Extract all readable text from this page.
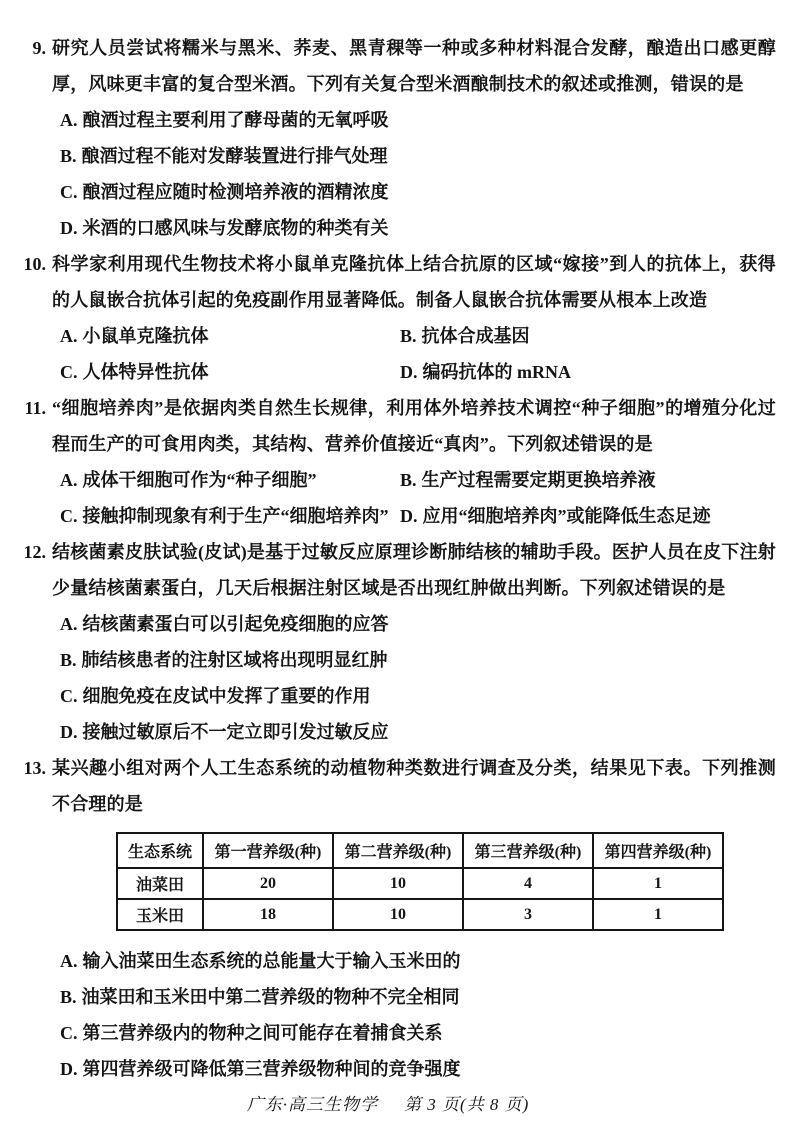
9. 研究人员尝试将糯米与黑米、荞麦、黑青稞等一种或多种材料混合发酵，酿造出口感更醇厚，风味更丰富的复合型米酒。下列有关复合型米酒酿制技术的叙述或推测，错误的是

A. 酿酒过程主要利用了酵母菌的无氧呼吸
B. 酿酒过程不能对发酵装置进行排气处理
C. 酿酒过程应随时检测培养液的酒精浓度
D. 米酒的口感风味与发酵底物的种类有关
10. 科学家利用现代生物技术将小鼠单克隆抗体上结合抗原的区域“嫁接”到人的抗体上，获得的人鼠嵌合抗体引起的免疫副作用显著降低。制备人鼠嵌合抗体需要从根本上改造

A. 小鼠单克隆抗体	B. 抗体合成基因
C. 人体特异性抗体	D. 编码抗体的 mRNA
11. “细胞培养肉”是依据肉类自然生长规律，利用体外培养技术调控“种子细胞”的增殖分化过程而生产的可食用肉类，其结构、营养价值接近“真肉”。下列叙述错误的是

A. 成体干细胞可作为“种子细胞”	B. 生产过程需要定期更换培养液
C. 接触抑制现象有利于生产“细胞培养肉” D. 应用“细胞培养肉”或能降低生态足迹
12. 结核菌素皮肤试验(皮试)是基于过敏反应原理诊断肺结核的辅助手段。医护人员在皮下注射少量结核菌素蛋白，几天后根据注射区域是否出现红肿做出判断。下列叙述错误的是

A. 结核菌素蛋白可以引起免疫细胞的应答
B. 肺结核患者的注射区域将出现明显红肿
C. 细胞免疫在皮试中发挥了重要的作用
D. 接触过敏原后不一定立即引发过敏反应
13. 某兴趣小组对两个人工生态系统的动植物种类数进行调查及分类，结果见下表。下列推测不合理的是

生态系统	第一营养级(种)	第二营养级(种)	第三营养级(种)	第四营养级(种)
油菜田	20	10	4	1
玉米田	18	10	3	1
A. 输入油菜田生态系统的总能量大于输入玉米田的
B. 油菜田和玉米田中第二营养级的物种不完全相同
C. 第三营养级内的物种之间可能存在着捕食关系
D. 第四营养级可降低第三营养级物种间的竞争强度
广东·高三生物学 第 3 页(共 8 页)
